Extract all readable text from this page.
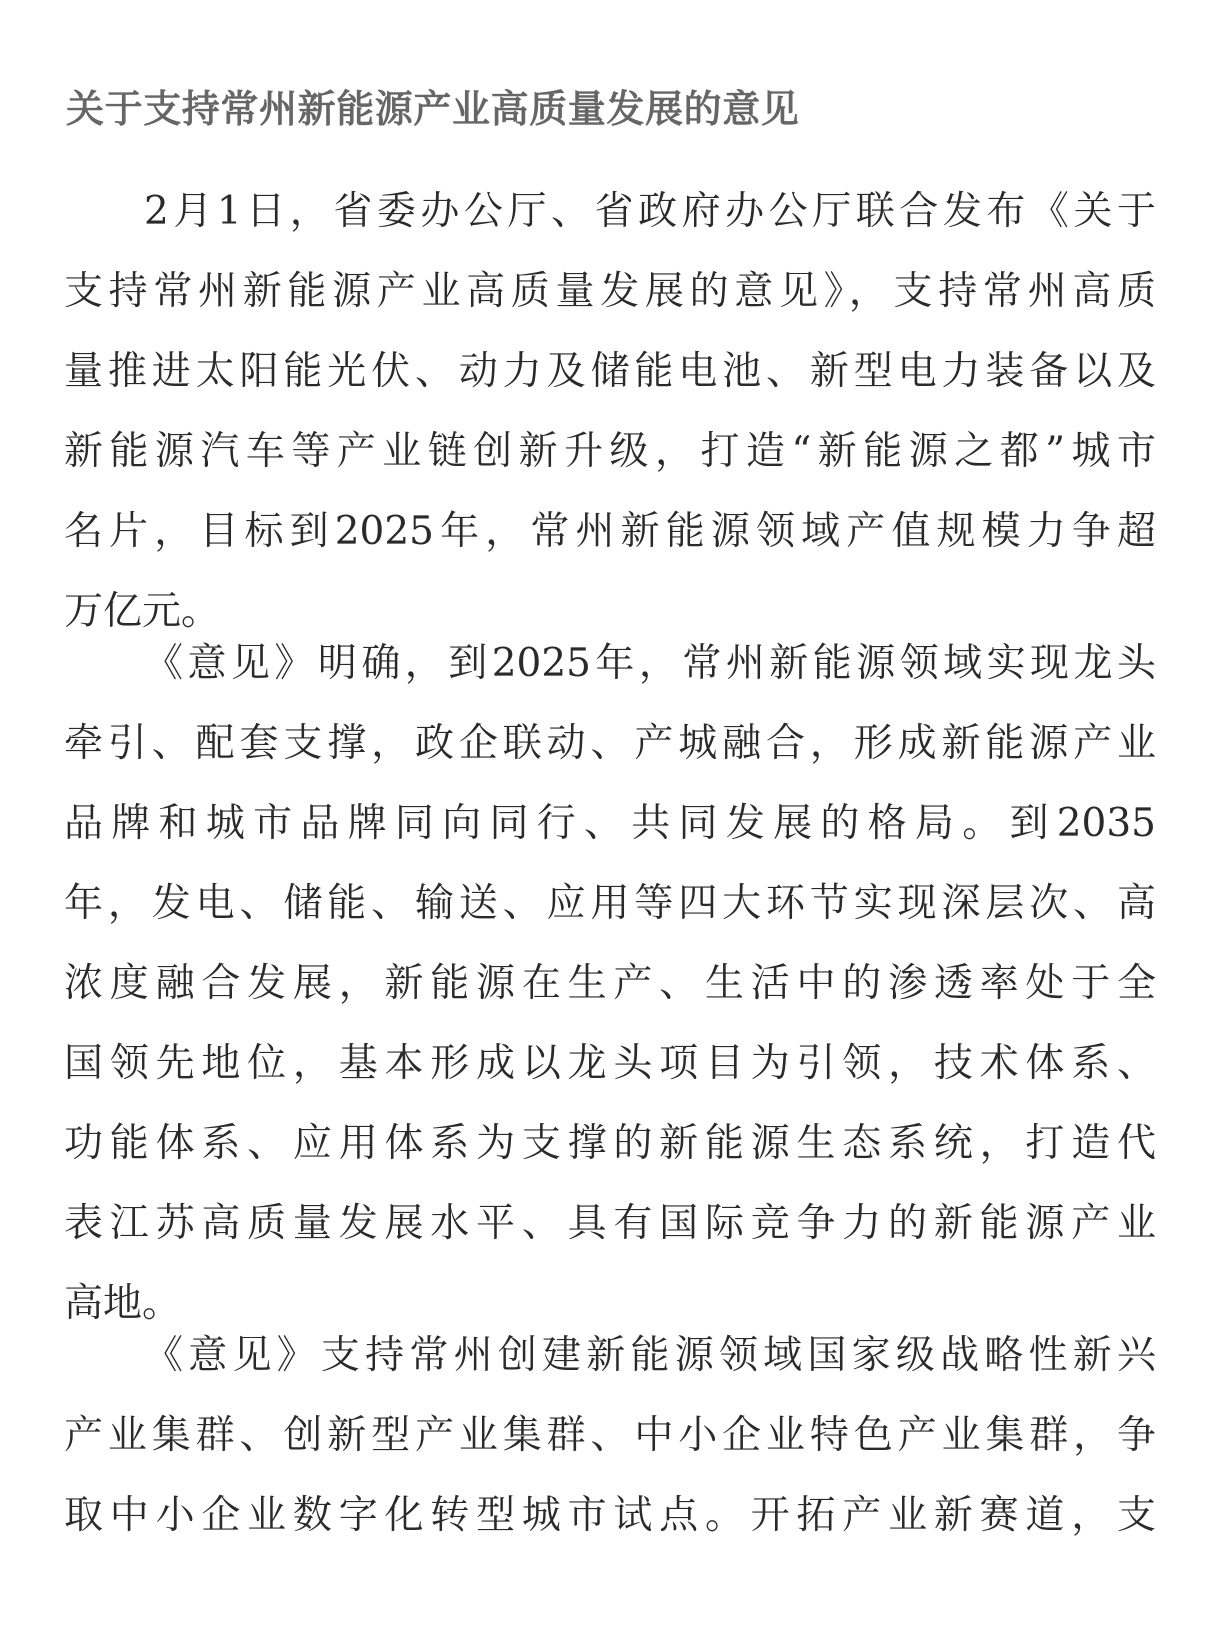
关于支持常州新能源产业高质量发展的意见
2月1日，省委办公厅、省政府办公厅联合发布《关于
支持常州新能源产业高质量发展的意见》，支持常州高质
量推进太阳能光伏、动力及储能电池、新型电力装备以及
新能源汽车等产业链创新升级，打造“新能源之都”城市
名片，目标到2025年，常州新能源领域产值规模力争超
万亿元。
《意见》明确，到2025年，常州新能源领域实现龙头
牵引、配套支撑，政企联动、产城融合，形成新能源产业
品牌和城市品牌同向同行、共同发展的格局。到2035
年，发电、储能、输送、应用等四大环节实现深层次、高
浓度融合发展，新能源在生产、生活中的渗透率处于全
国领先地位，基本形成以龙头项目为引领，技术体系、
功能体系、应用体系为支撑的新能源生态系统，打造代
表江苏高质量发展水平、具有国际竞争力的新能源产业
高地。
《意见》支持常州创建新能源领域国家级战略性新兴
产业集群、创新型产业集群、中小企业特色产业集群，争
取中小企业数字化转型城市试点。开拓产业新赛道，支
